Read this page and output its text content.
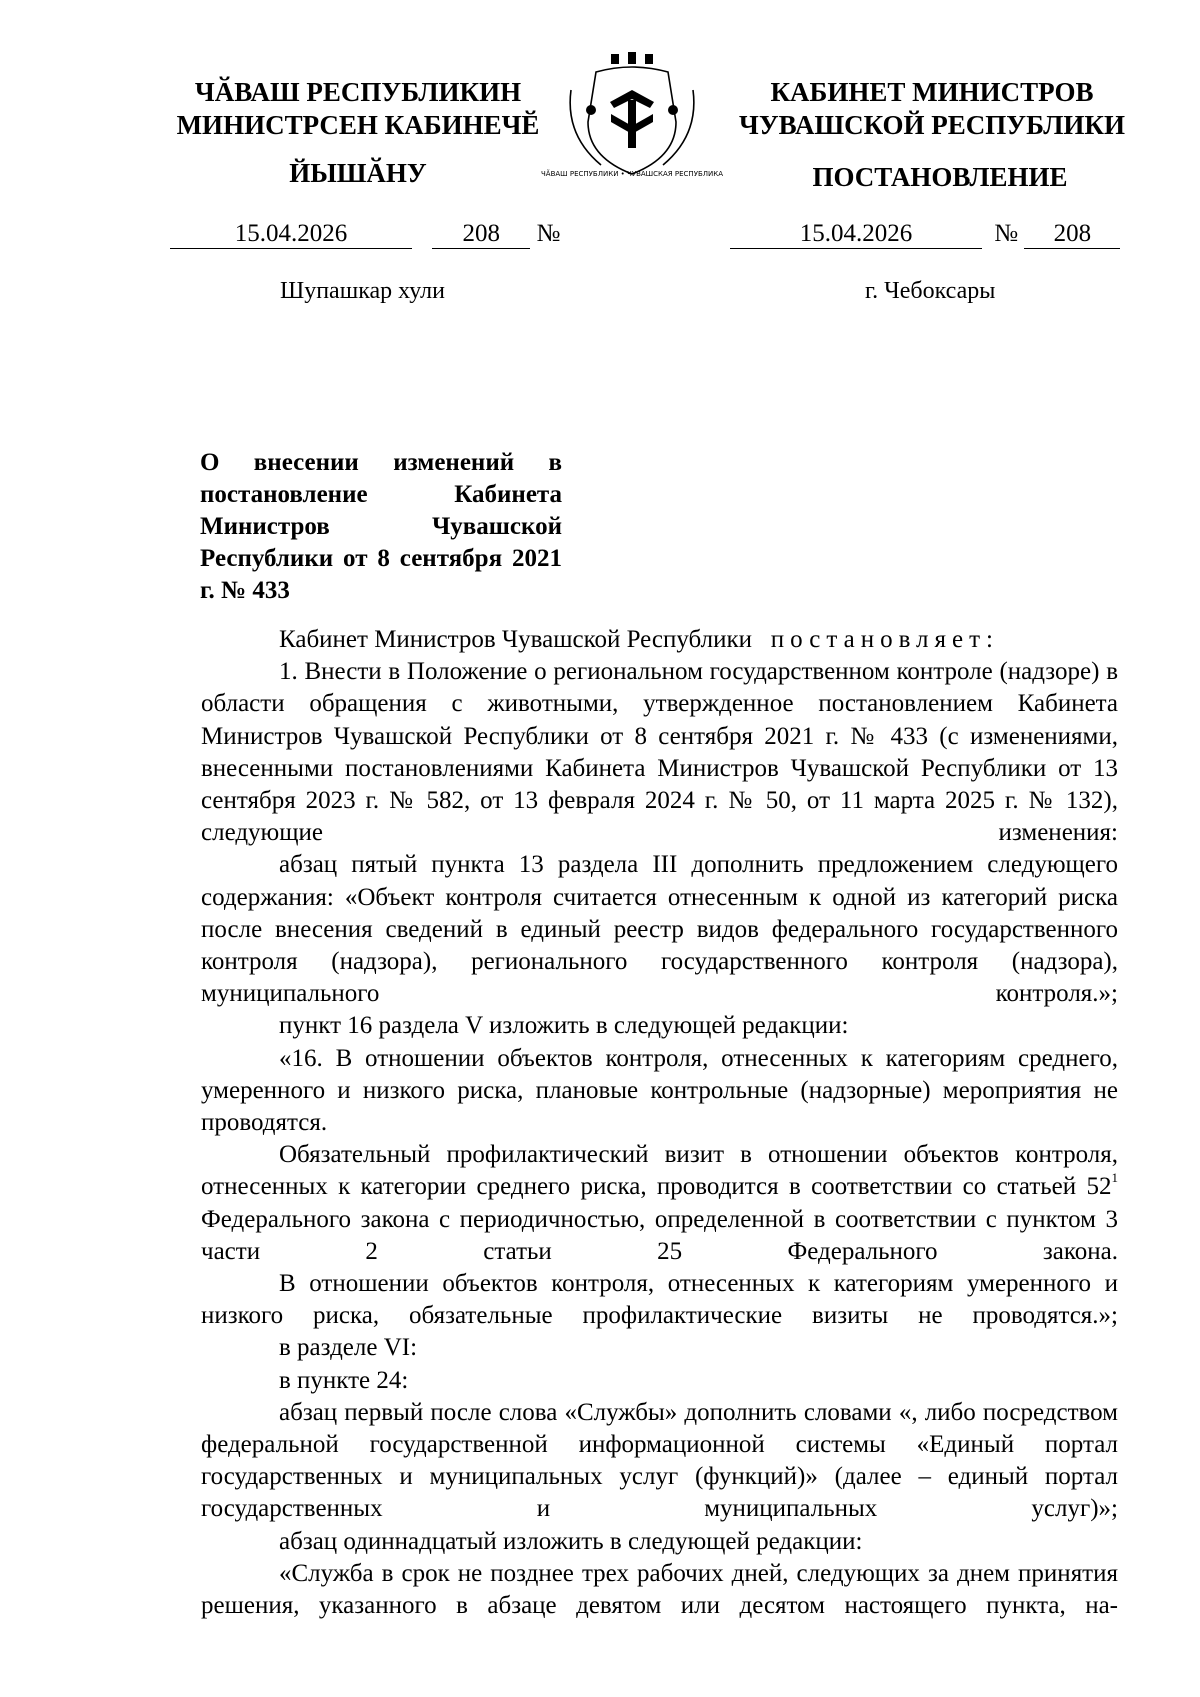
ЧӐВАШ РЕСПУБЛИКИН
МИНИСТРСЕН КАБИНЕЧӖ
ЙЫШӐНУ	ЧӐВАШ РЕСПУБЛИКИ • ЧУВАШСКАЯ РЕСПУБЛИКА
КАБИНЕТ МИНИСТРОВ
ЧУВАШСКОЙ РЕСПУБЛИКИ
ПОСТАНОВЛЕНИЕ
15.04.2026	208 №	15.04.2026	№ 208
Шупашкар хули	г. Чебоксары
О внесении изменений в постановление Кабинета Министров Чувашской Республики от 8 сентября 2021 г. № 433

Кабинет Министров Чувашской Республики постановляет:

1. Внести в Положение о региональном государственном контроле (надзоре) в области обращения с животными, утвержденное постановлением Кабинета Министров Чувашской Республики от 8 сентября 2021 г. № 433 (с изменениями, внесенными постановлениями Кабинета Министров Чувашской Республики от 13 сентября 2023 г. № 582, от 13 февраля 2024 г. № 50, от 11 марта 2025 г. № 132), следующие изменения:

абзац пятый пункта 13 раздела III дополнить предложением следующего содержания: «Объект контроля считается отнесенным к одной из категорий риска после внесения сведений в единый реестр видов федерального государственного контроля (надзора), регионального государственного контроля (надзора), муниципального контроля.»;

пункт 16 раздела V изложить в следующей редакции:

«16. В отношении объектов контроля, отнесенных к категориям среднего, умеренного и низкого риска, плановые контрольные (надзорные) мероприятия не проводятся.

Обязательный профилактический визит в отношении объектов контроля, отнесенных к категории среднего риска, проводится в соответствии со статьей $52^1$ Федерального закона с периодичностью, определенной в соответствии с пунктом 3 части 2 статьи 25 Федерального закона.

В отношении объектов контроля, отнесенных к категориям умеренного и низкого риска, обязательные профилактические визиты не проводятся.»;

в разделе VI:

в пункте 24:

абзац первый после слова «Службы» дополнить словами «, либо посредством федеральной государственной информационной системы «Единый портал государственных и муниципальных услуг (функций)» (далее – единый портал государственных и муниципальных услуг)»;

абзац одиннадцатый изложить в следующей редакции:

«Служба в срок не позднее трех рабочих дней, следующих за днем принятия решения, указанного в абзаце девятом или десятом настоящего пункта, на-
